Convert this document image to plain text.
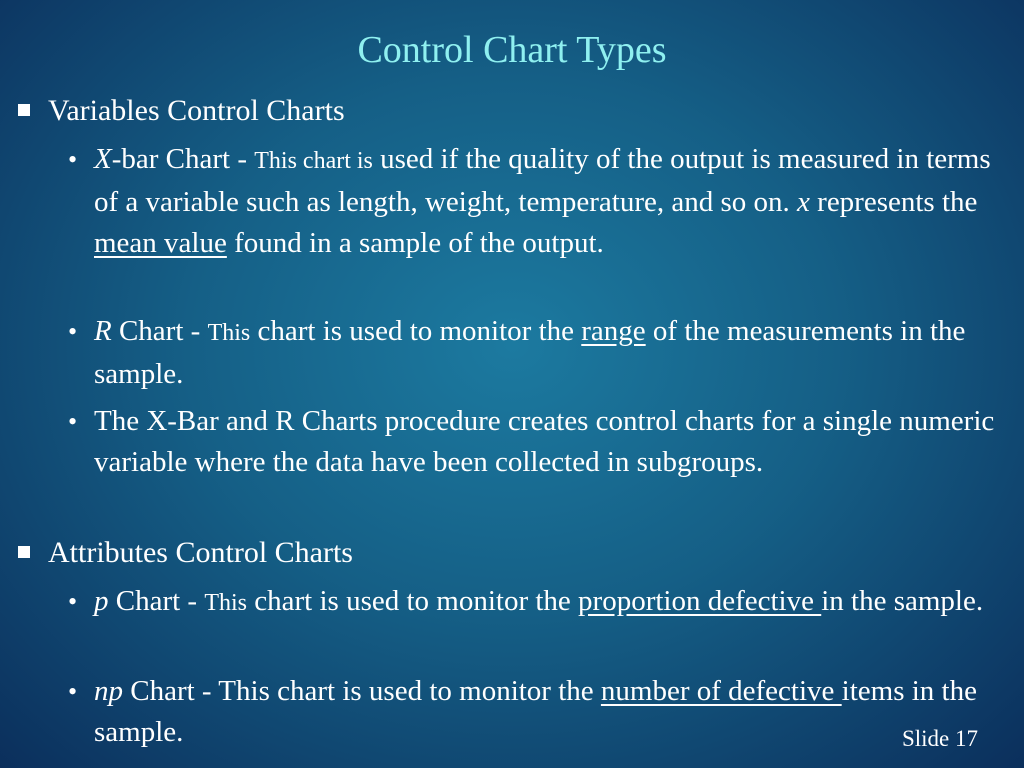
Control Chart Types
Variables Control Charts
• X-bar Chart - This chart is used if the quality of the output is measured in terms of a variable such as length, weight, temperature, and so on. x represents the mean value found in a sample of the output.
• R Chart - This chart is used to monitor the range of the measurements in the sample.
• The X-Bar and R Charts procedure creates control charts for a single numeric variable where the data have been collected in subgroups.
Attributes Control Charts
• p Chart - This chart is used to monitor the proportion defective in the sample.
• np Chart - This chart is used to monitor the number of defective items in the sample.	Slide 17
